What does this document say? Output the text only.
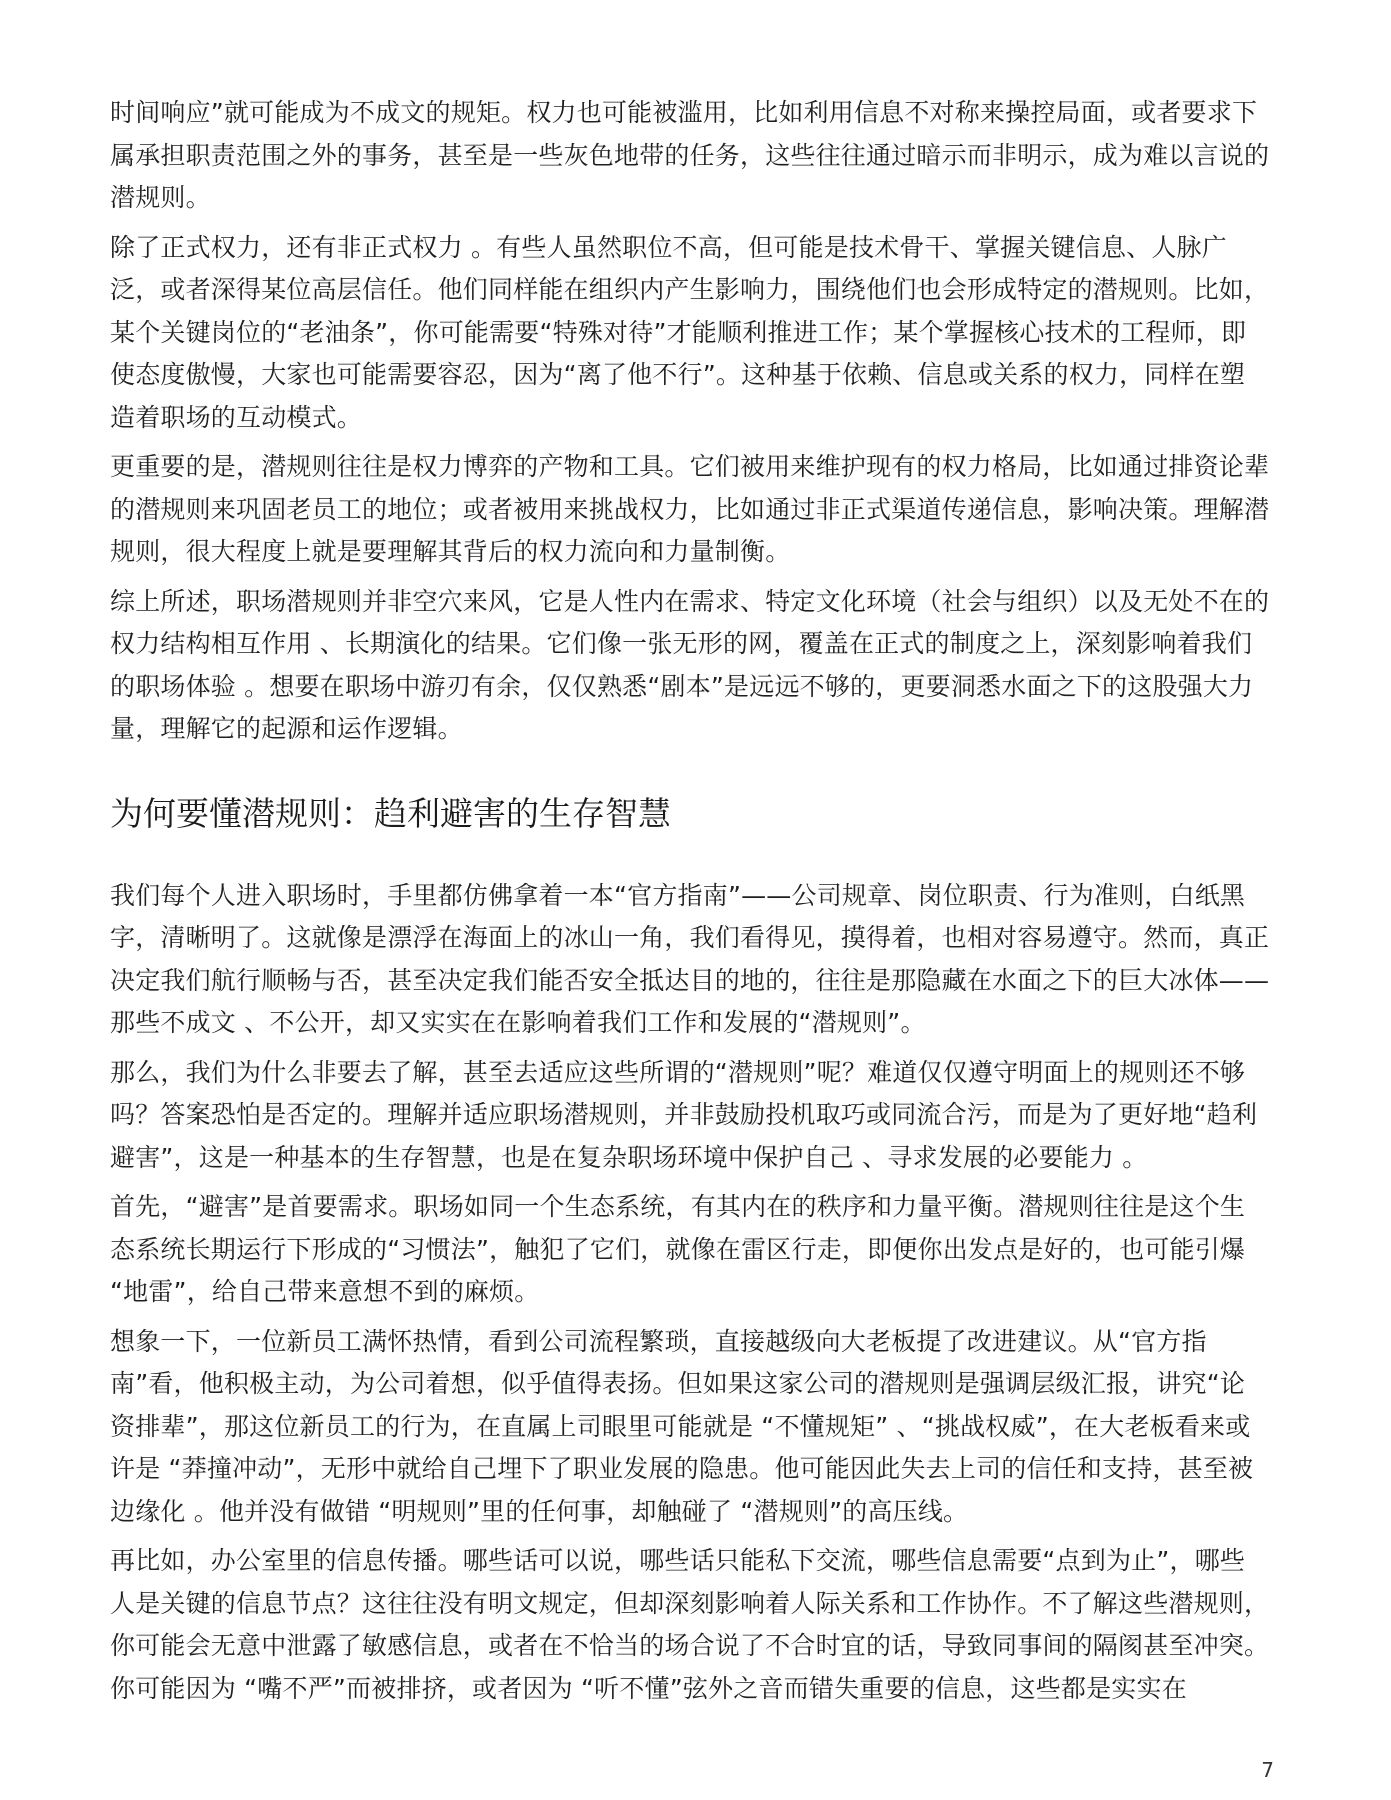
时间响应”就可能成为不成文的规矩。权力也可能被滥用，比如利用信息不对称来操控局面，或者要求下属承担职责范围之外的事务，甚至是一些灰色地带的任务，这些往往通过暗示而非明示，成为难以言说的潜规则。

除了正式权力，还有非正式权力 。有些人虽然职位不高，但可能是技术骨干、掌握关键信息、人脉广泛，或者深得某位高层信任。他们同样能在组织内产生影响力，围绕他们也会形成特定的潜规则。比如，某个关键岗位的“老油条”，你可能需要“特殊对待”才能顺利推进工作；某个掌握核心技术的工程师，即使态度傲慢，大家也可能需要容忍，因为“离了他不行”。这种基于依赖、信息或关系的权力，同样在塑造着职场的互动模式。

更重要的是，潜规则往往是权力博弈的产物和工具。它们被用来维护现有的权力格局，比如通过排资论辈的潜规则来巩固老员工的地位；或者被用来挑战权力，比如通过非正式渠道传递信息，影响决策。理解潜规则，很大程度上就是要理解其背后的权力流向和力量制衡。

综上所述，职场潜规则并非空穴来风，它是人性内在需求、特定文化环境（社会与组织）以及无处不在的权力结构相互作用 、长期演化的结果。它们像一张无形的网，覆盖在正式的制度之上，深刻影响着我们的职场体验 。想要在职场中游刃有余，仅仅熟悉“剧本”是远远不够的，更要洞悉水面之下的这股强大力量，理解它的起源和运作逻辑。

为何要懂潜规则：趋利避害的生存智慧

我们每个人进入职场时，手里都仿佛拿着一本“官方指南”——公司规章、岗位职责、行为准则，白纸黑字，清晰明了。这就像是漂浮在海面上的冰山一角，我们看得见，摸得着，也相对容易遵守。然而，真正决定我们航行顺畅与否，甚至决定我们能否安全抵达目的地的，往往是那隐藏在水面之下的巨大冰体——那些不成文 、不公开，却又实实在在影响着我们工作和发展的“潜规则”。

那么，我们为什么非要去了解，甚至去适应这些所谓的“潜规则”呢？难道仅仅遵守明面上的规则还不够吗？答案恐怕是否定的。理解并适应职场潜规则，并非鼓励投机取巧或同流合污，而是为了更好地“趋利避害”，这是一种基本的生存智慧，也是在复杂职场环境中保护自己 、寻求发展的必要能力 。

首先，“避害”是首要需求。职场如同一个生态系统，有其内在的秩序和力量平衡。潜规则往往是这个生态系统长期运行下形成的“习惯法”，触犯了它们，就像在雷区行走，即便你出发点是好的，也可能引爆 “地雷”，给自己带来意想不到的麻烦。

想象一下，一位新员工满怀热情，看到公司流程繁琐，直接越级向大老板提了改进建议。从“官方指南”看，他积极主动，为公司着想，似乎值得表扬。但如果这家公司的潜规则是强调层级汇报，讲究“论资排辈”，那这位新员工的行为，在直属上司眼里可能就是 “不懂规矩” 、“挑战权威”，在大老板看来或许是 “莽撞冲动”，无形中就给自己埋下了职业发展的隐患。他可能因此失去上司的信任和支持，甚至被边缘化 。他并没有做错 “明规则”里的任何事，却触碰了 “潜规则”的高压线。

再比如，办公室里的信息传播。哪些话可以说，哪些话只能私下交流，哪些信息需要“点到为止”，哪些人是关键的信息节点？这往往没有明文规定，但却深刻影响着人际关系和工作协作。不了解这些潜规则，你可能会无意中泄露了敏感信息，或者在不恰当的场合说了不合时宜的话，导致同事间的隔阂甚至冲突。你可能因为 “嘴不严”而被排挤，或者因为 “听不懂”弦外之音而错失重要的信息，这些都是实实在

7
